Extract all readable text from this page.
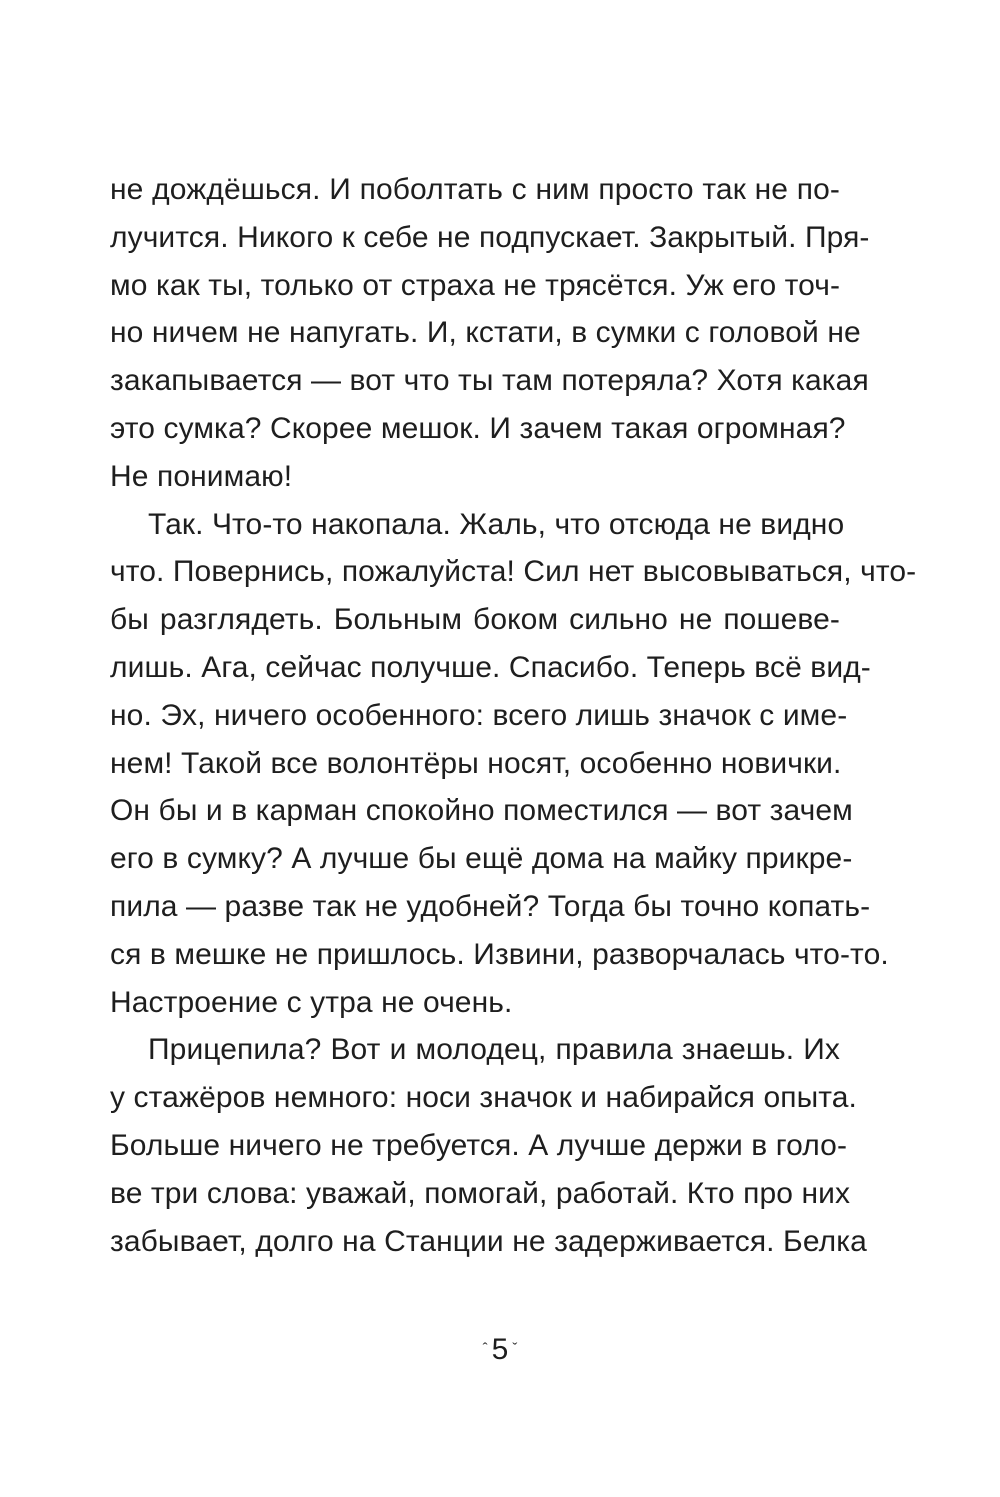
не дождёшься. И поболтать с ним просто так не по-
лучится. Никого к себе не подпускает. Закрытый. Пря-
мо как ты, только от страха не трясётся. Уж его точ-
но ничем не напугать. И, кстати, в сумки с головой не
закапывается — вот что ты там потеряла? Хотя какая
это сумка? Скорее мешок. И зачем такая огромная?
Не понимаю!
Так. Что-то накопала. Жаль, что отсюда не видно
что. Повернись, пожалуйста! Сил нет высовываться, что-
бы разглядеть. Больным боком сильно не пошеве-
лишь. Ага, сейчас получше. Спасибо. Теперь всё вид-
но. Эх, ничего особенного: всего лишь значок с име-
нем! Такой все волонтёры носят, особенно новички.
Он бы и в карман спокойно поместился — вот зачем
его в сумку? А лучше бы ещё дома на майку прикре-
пила — разве так не удобней? Тогда бы точно копать-
ся в мешке не пришлось. Извини, разворчалась что-то.
Настроение с утра не очень.
Прицепила? Вот и молодец, правила знаешь. Их
у стажёров немного: носи значок и набирайся опыта.
Больше ничего не требуется. А лучше держи в голо-
ве три слова: уважай, помогай, работай. Кто про них
забывает, долго на Станции не задерживается. Белка
ˆ 5 ˇ
